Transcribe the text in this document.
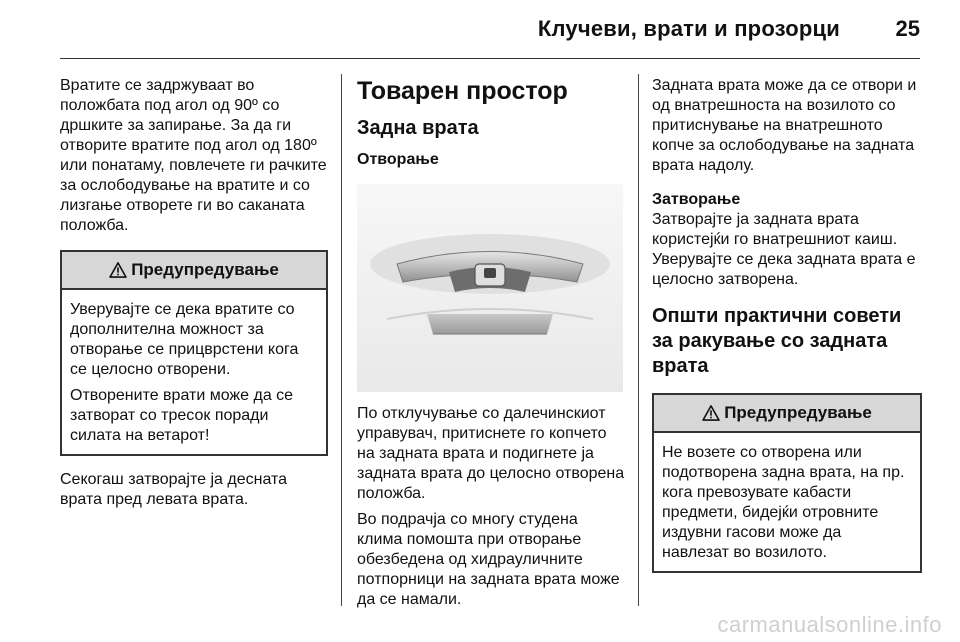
Клучеви, врати и прозорци	25

Вратите се задржуваат во положбата под агол од 90º со дршките за запирање. За да ги отворите вратите под агол од 180º или понатаму, повлечете ги рачките за ослободување на вратите и со лизгање отворете ги во саканата положба.

Предупредување

Уверувајте се дека вратите со дополнителна можност за отворање се прицврстени кога се целосно отворени.

Отворените врати може да се затворат со тресок поради силата на ветарот!

Секогаш затворајте ја десната врата пред левата врата.

Товарен простор
Задна врата
Отворање

По отклучување со далечинскиот управувач, притиснете го копчето на задната врата и подигнете ја задната врата до целосно отворена положба.

Во подрачја со многу студена клима помошта при отворање обезбедена од хидрауличните потпорници на задната врата може да се намали.

Задната врата може да се отвори и од внатрешноста на возилото со притиснување на внатрешното копче за ослободување на задната врата надолу.

Затворање

Затворајте ја задната врата користејќи го внатрешниот каиш. Уверувајте се дека задната врата е целосно затворена.

Општи практични совети за ракување со задната врата
Предупредување

Не возете со отворена или подотворена задна врата, на пр. кога превозувате кабасти предмети, бидејќи отровните издувни гасови може да навлезат во возилото.

carmanualsonline.info
